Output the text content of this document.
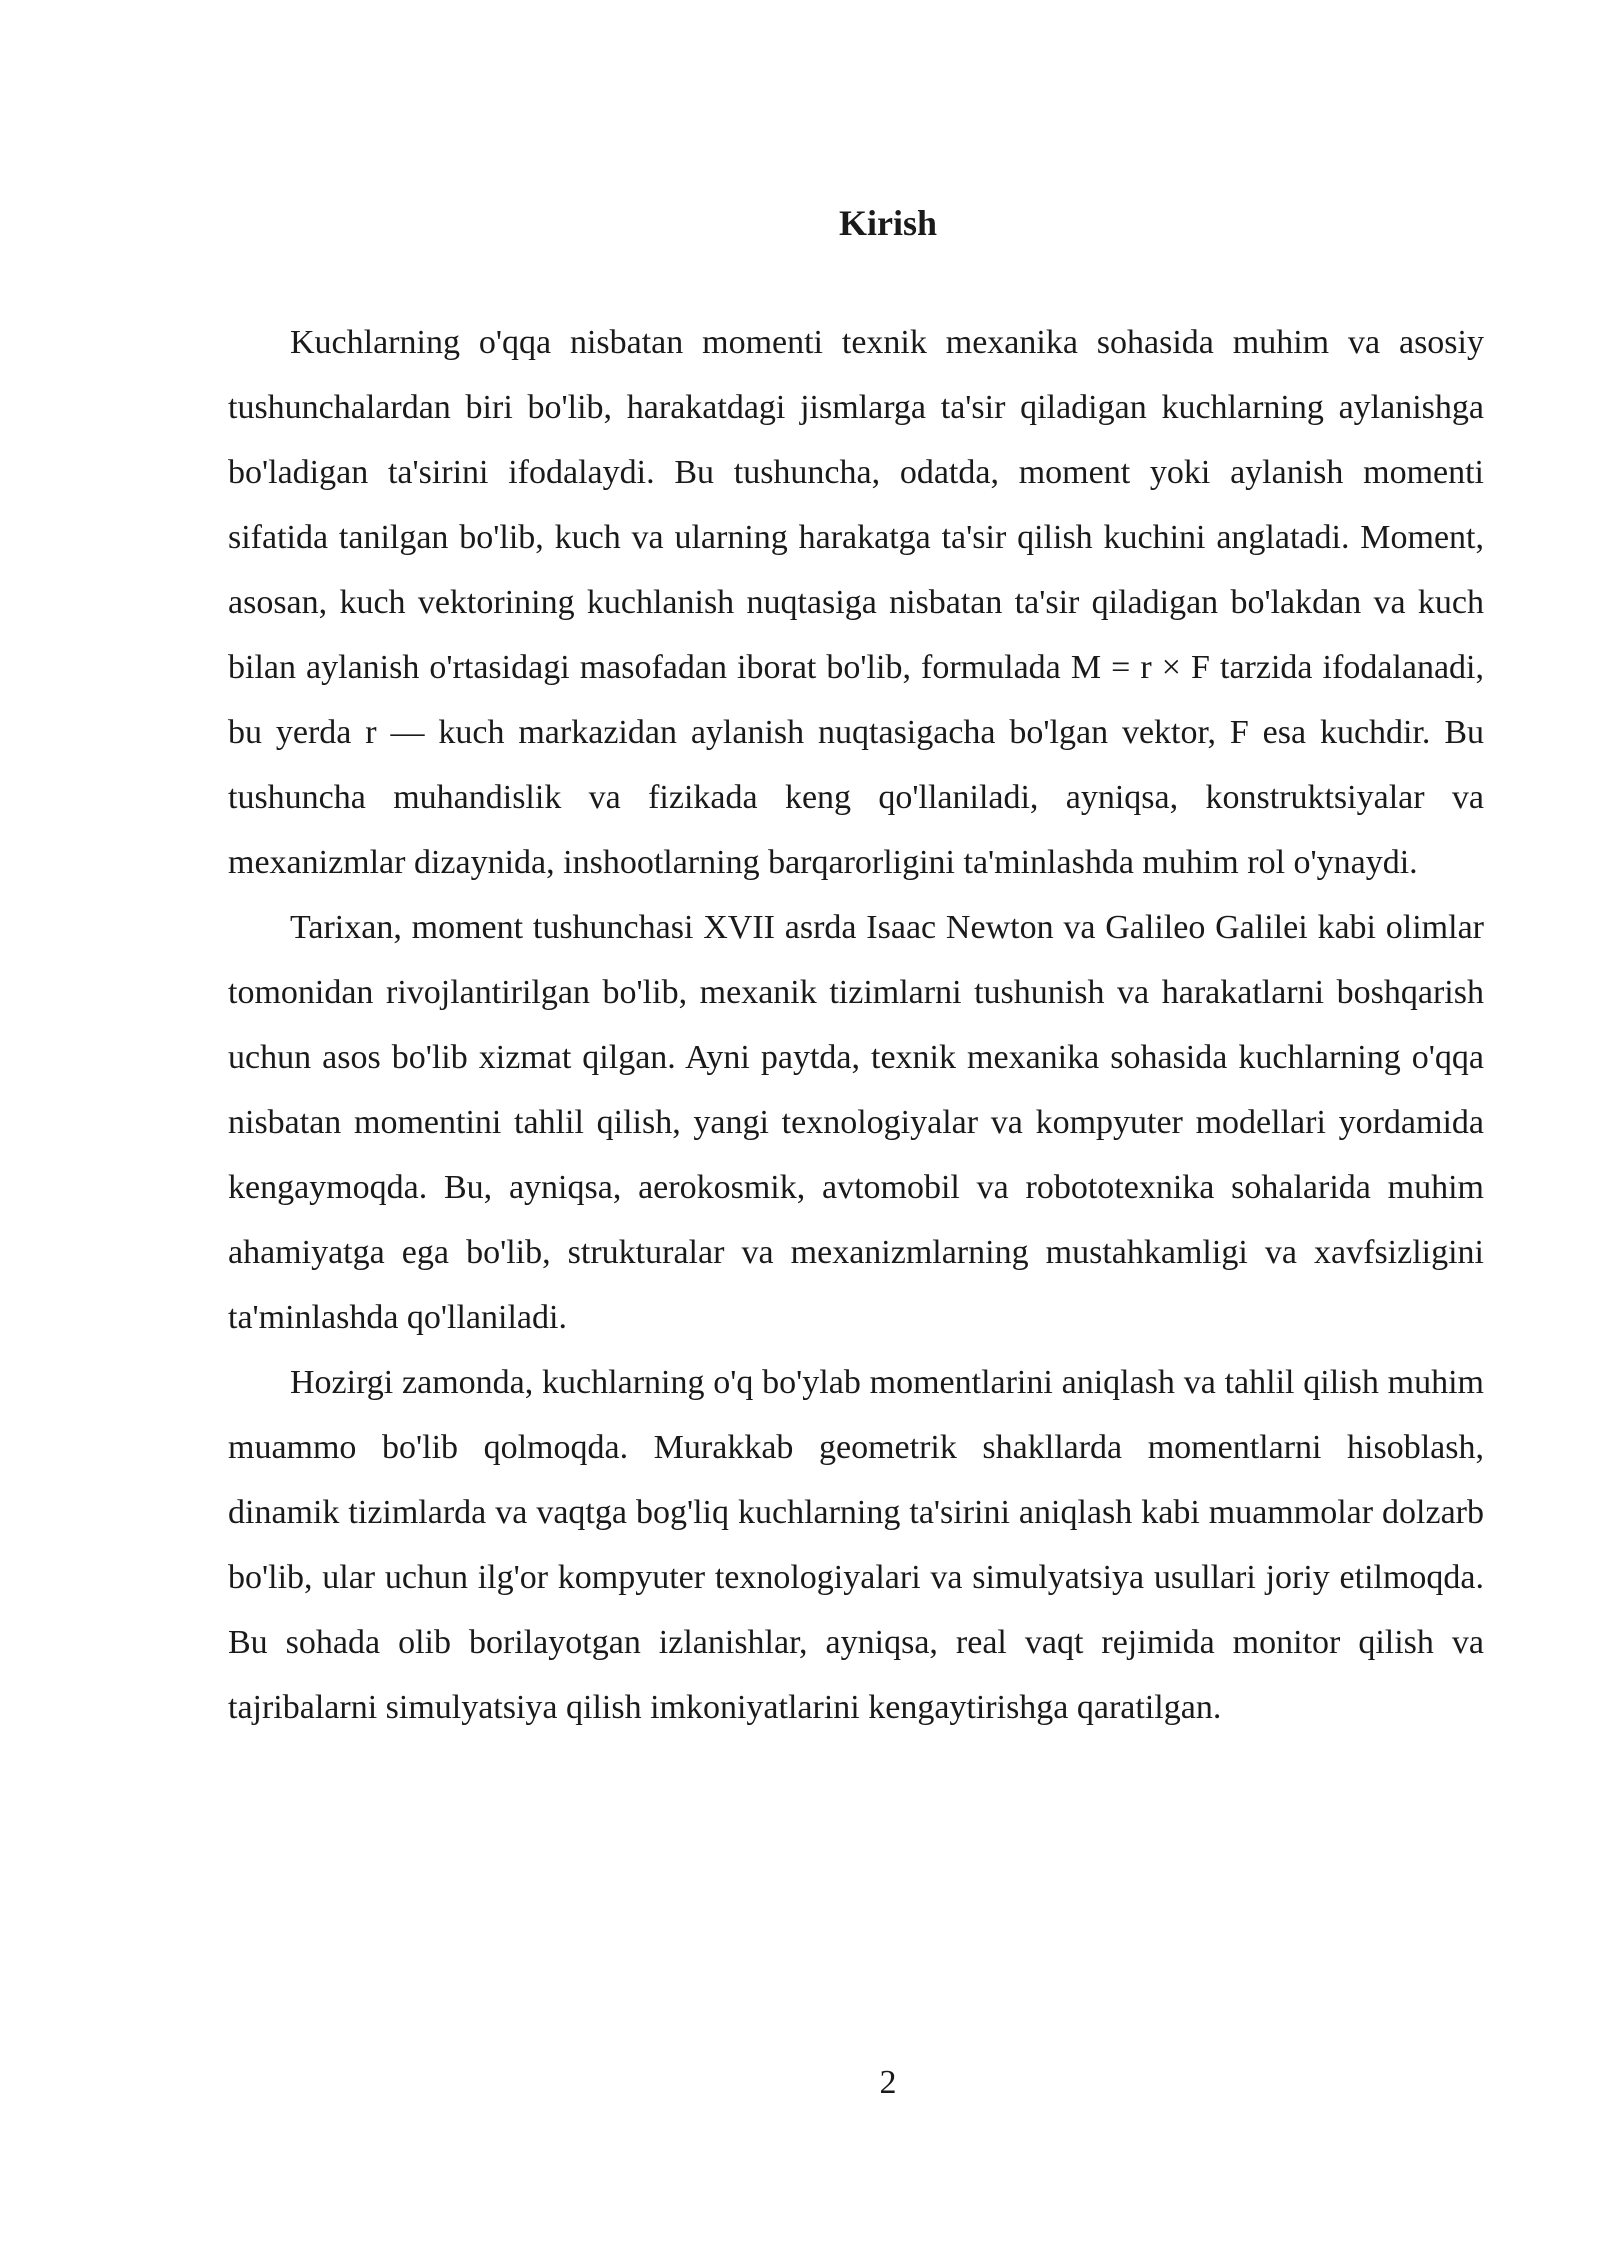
Kirish

Kuchlarning o'qqa nisbatan momenti texnik mexanika sohasida muhim va asosiy tushunchalardan biri bo'lib, harakatdagi jismlarga ta'sir qiladigan kuchlarning aylanishga bo'ladigan ta'sirini ifodalaydi. Bu tushuncha, odatda, moment yoki aylanish momenti sifatida tanilgan bo'lib, kuch va ularning harakatga ta'sir qilish kuchini anglatadi. Moment, asosan, kuch vektorining kuchlanish nuqtasiga nisbatan ta'sir qiladigan bo'lakdan va kuch bilan aylanish o'rtasidagi masofadan iborat bo'lib, formulada M = r × F tarzida ifodalanadi, bu yerda r — kuch markazidan aylanish nuqtasigacha bo'lgan vektor, F esa kuchdir. Bu tushuncha muhandislik va fizikada keng qo'llaniladi, ayniqsa, konstruktsiyalar va mexanizmlar dizaynida, inshootlarning barqarorligini ta'minlashda muhim rol o'ynaydi.

Tarixan, moment tushunchasi XVII asrda Isaac Newton va Galileo Galilei kabi olimlar tomonidan rivojlantirilgan bo'lib, mexanik tizimlarni tushunish va harakatlarni boshqarish uchun asos bo'lib xizmat qilgan. Ayni paytda, texnik mexanika sohasida kuchlarning o'qqa nisbatan momentini tahlil qilish, yangi texnologiyalar va kompyuter modellari yordamida kengaymoqda. Bu, ayniqsa, aerokosmik, avtomobil va robototexnika sohalarida muhim ahamiyatga ega bo'lib, strukturalar va mexanizmlarning mustahkamligi va xavfsizligini ta'minlashda qo'llaniladi.

Hozirgi zamonda, kuchlarning o'q bo'ylab momentlarini aniqlash va tahlil qilish muhim muammo bo'lib qolmoqda. Murakkab geometrik shakllarda momentlarni hisoblash, dinamik tizimlarda va vaqtga bog'liq kuchlarning ta'sirini aniqlash kabi muammolar dolzarb bo'lib, ular uchun ilg'or kompyuter texnologiyalari va simulyatsiya usullari joriy etilmoqda. Bu sohada olib borilayotgan izlanishlar, ayniqsa, real vaqt rejimida monitor qilish va tajribalarni simulyatsiya qilish imkoniyatlarini kengaytirishga qaratilgan.

2
